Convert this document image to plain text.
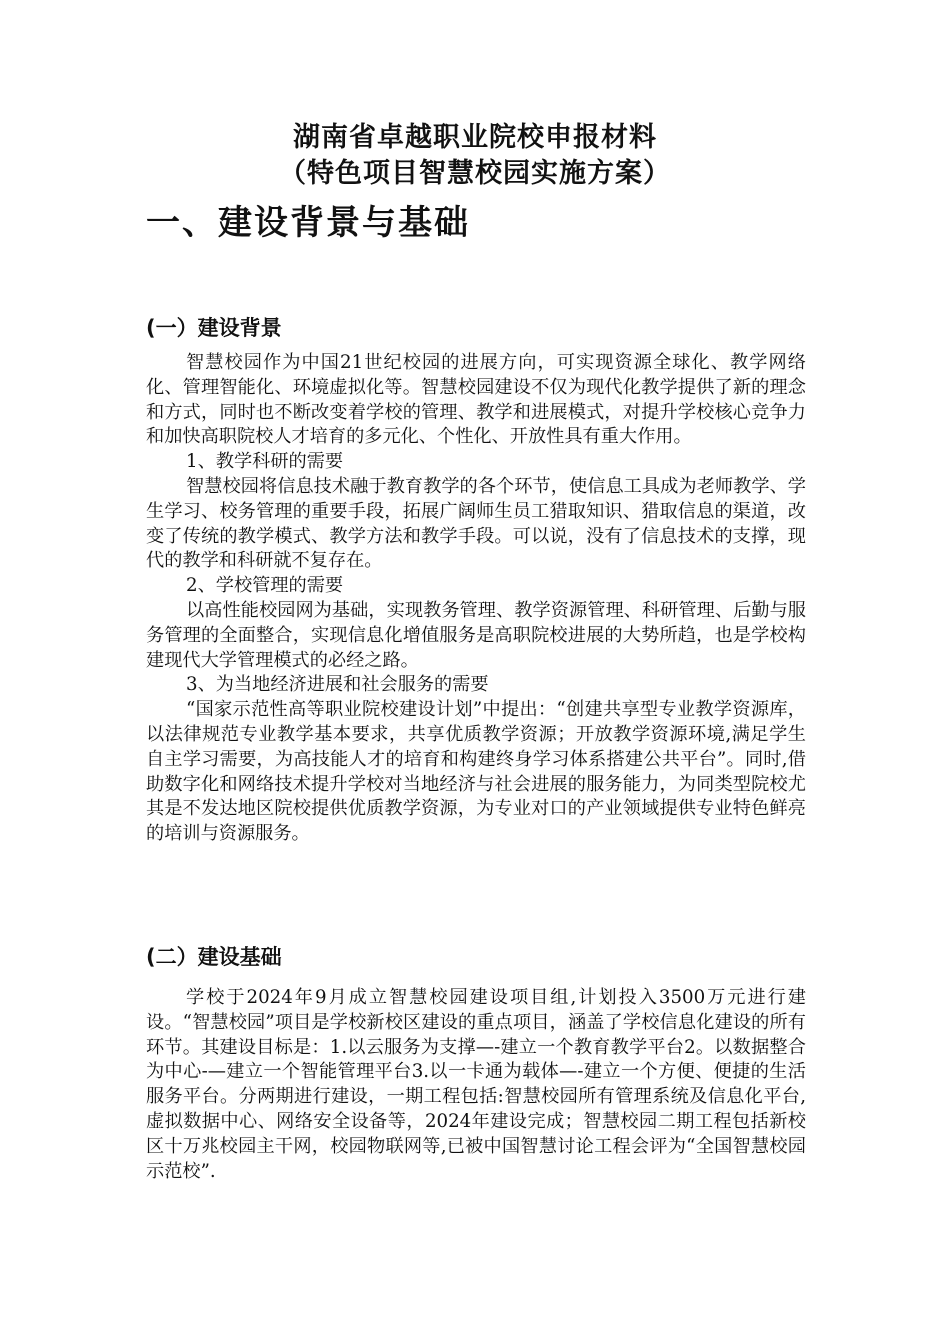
湖南省卓越职业院校申报材料
（特色项目智慧校园实施方案）
一、建设背景与基础
(一）建设背景

智慧校园作为中国21世纪校园的进展方向，可实现资源全球化、教学网络化、管理智能化、环境虚拟化等。智慧校园建设不仅为现代化教学提供了新的理念和方式，同时也不断改变着学校的管理、教学和进展模式，对提升学校核心竞争力和加快高职院校人才培育的多元化、个性化、开放性具有重大作用。

1、教学科研的需要

智慧校园将信息技术融于教育教学的各个环节，使信息工具成为老师教学、学生学习、校务管理的重要手段，拓展广阔师生员工猎取知识、猎取信息的渠道，改变了传统的教学模式、教学方法和教学手段。可以说，没有了信息技术的支撑，现代的教学和科研就不复存在。

2、学校管理的需要

以高性能校园网为基础，实现教务管理、教学资源管理、科研管理、后勤与服务管理的全面整合，实现信息化增值服务是高职院校进展的大势所趋，也是学校构建现代大学管理模式的必经之路。

3、为当地经济进展和社会服务的需要

“国家示范性高等职业院校建设计划”中提出：“创建共享型专业教学资源库，以法律规范专业教学基本要求，共享优质教学资源；开放教学资源环境,满足学生自主学习需要，为高技能人才的培育和构建终身学习体系搭建公共平台”。同时,借助数字化和网络技术提升学校对当地经济与社会进展的服务能力，为同类型院校尤其是不发达地区院校提供优质教学资源，为专业对口的产业领域提供专业特色鲜亮的培训与资源服务。

(二）建设基础

学校于2024年9月成立智慧校园建设项目组,计划投入3500万元进行建设。“智慧校园”项目是学校新校区建设的重点项目，涵盖了学校信息化建设的所有环节。其建设目标是：1.以云服务为支撑—-建立一个教育教学平台2。以数据整合为中心-—建立一个智能管理平台3.以一卡通为载体—-建立一个方便、便捷的生活服务平台。分两期进行建设，一期工程包括:智慧校园所有管理系统及信息化平台,虚拟数据中心、网络安全设备等，2024年建设完成；智慧校园二期工程包括新校区十万兆校园主干网，校园物联网等,已被中国智慧讨论工程会评为“全国智慧校园示范校”.
